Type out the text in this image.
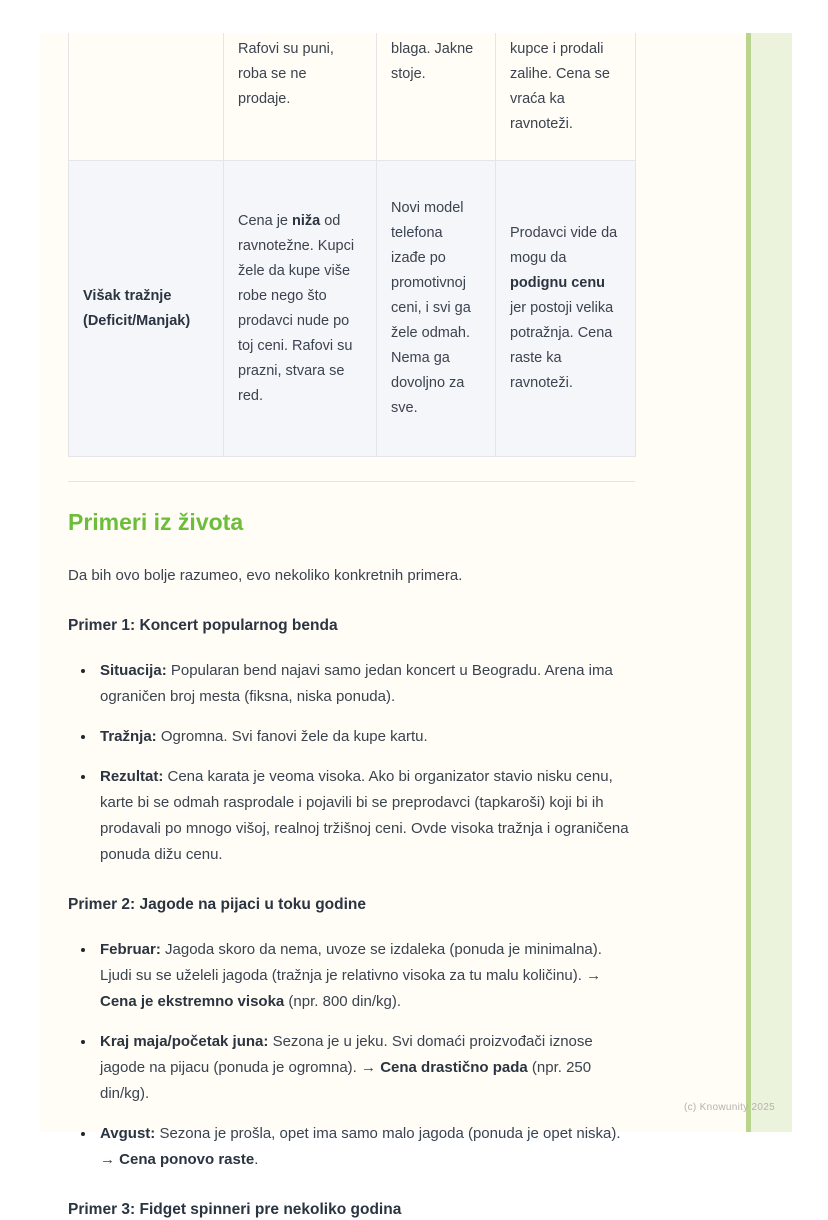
	Rafovi su puni, roba se ne prodaje.	blaga. Jakne stoje.	kupce i prodali zalihe. Cena se vraća ka ravnoteži.
Višak tražnje (Deficit/Manjak)	Cena je niža od ravnotežne. Kupci žele da kupe više robe nego što prodavci nude po toj ceni. Rafovi su prazni, stvara se red.	Novi model telefona izađe po promotivnoj ceni, i svi ga žele odmah. Nema ga dovoljno za sve.	Prodavci vide da mogu da podignu cenu jer postoji velika potražnja. Cena raste ka ravnoteži.
Primeri iz života

Da bih ovo bolje razumeo, evo nekoliko konkretnih primera.

Primer 1: Koncert popularnog benda
• Situacija: Popularan bend najavi samo jedan koncert u Beogradu. Arena ima ograničen broj mesta (fiksna, niska ponuda).
• Tražnja: Ogromna. Svi fanovi žele da kupe kartu.
• Rezultat: Cena karata je veoma visoka. Ako bi organizator stavio nisku cenu, karte bi se odmah rasprodale i pojavili bi se preprodavci (tapkaroši) koji bi ih prodavali po mnogo višoj, realnoj tržišnoj ceni. Ovde visoka tražnja i ograničena ponuda dižu cenu.
Primer 2: Jagode na pijaci u toku godine
• Februar: Jagoda skoro da nema, uvoze se izdaleka (ponuda je minimalna). Ljudi su se uželeli jagoda (tražnja je relativno visoka za tu malu količinu). → Cena je ekstremno visoka (npr. 800 din/kg).
• Kraj maja/početak juna: Sezona je u jeku. Svi domaći proizvođači iznose jagode na pijacu (ponuda je ogromna). → Cena drastično pada (npr. 250 din/kg).
• Avgust: Sezona je prošla, opet ima samo malo jagoda (ponuda je opet niska). → Cena ponovo raste.
Primer 3: Fidget spinneri pre nekoliko godina
(c) Knowunity 2025
